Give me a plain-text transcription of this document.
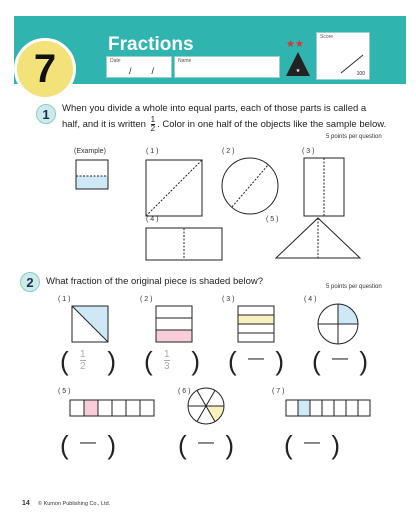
7
Fractions
Date
/        /
Name
★★
★
Score
100
1	When you divide a whole into equal parts, each of those parts is called a
half, and it is written $\frac{1}{2}$ . Color in one half of the objects like the sample below.
5 points per question
(Example)	( 1 )	( 2 )	( 3 )
( 4 )	( 5 )
2	What fraction of the original piece is shaded below?	5 points per question
( 1 )	( 2 )	( 3 )	( 4 )
( 5 )	( 6 )	( 7 )
( $\frac{1}{2}$ ) ( $\frac{1}{3}$ ) ( — ) ( — )
( — ) ( — ) ( — )
14 © Kumon Publishing Co., Ltd.
